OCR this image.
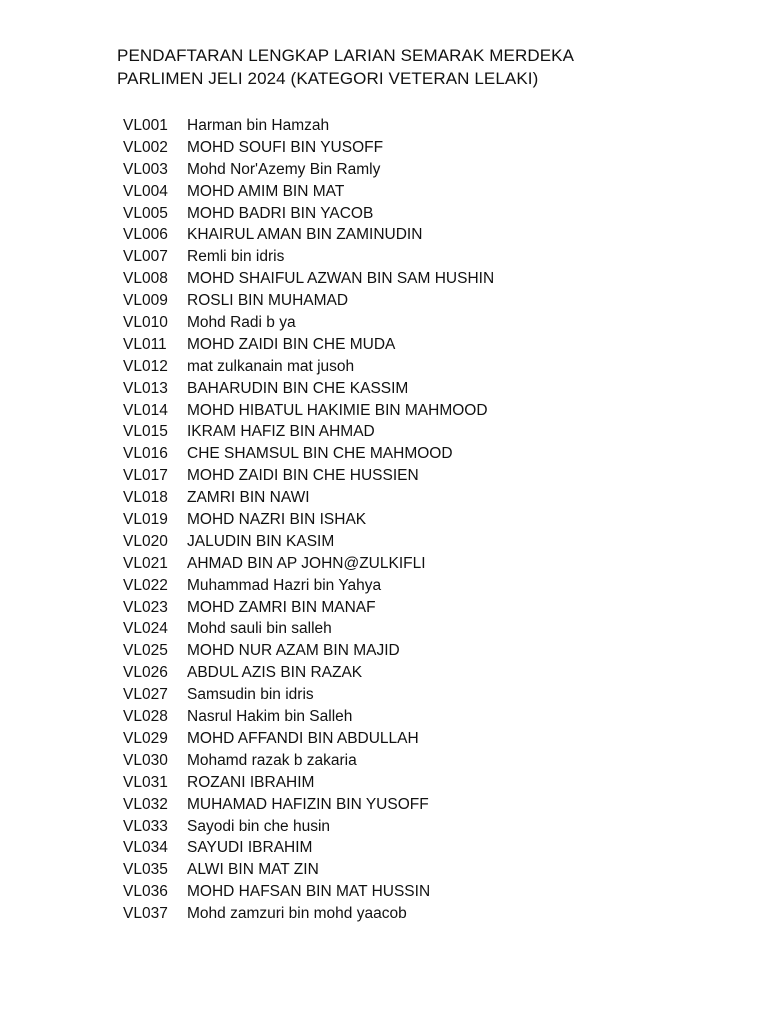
PENDAFTARAN LENGKAP LARIAN SEMARAK MERDEKA
PARLIMEN JELI 2024 (KATEGORI VETERAN LELAKI)
VL001	Harman bin Hamzah
VL002	MOHD SOUFI BIN YUSOFF
VL003	Mohd Nor'Azemy Bin Ramly
VL004	MOHD AMIM BIN MAT
VL005	MOHD BADRI BIN YACOB
VL006	KHAIRUL AMAN BIN ZAMINUDIN
VL007	Remli bin idris
VL008	MOHD SHAIFUL AZWAN BIN SAM HUSHIN
VL009	ROSLI BIN MUHAMAD
VL010	Mohd Radi b ya
VL011	MOHD ZAIDI BIN CHE MUDA
VL012	mat zulkanain mat jusoh
VL013	BAHARUDIN BIN CHE KASSIM
VL014	MOHD HIBATUL HAKIMIE BIN MAHMOOD
VL015	IKRAM HAFIZ BIN AHMAD
VL016	CHE SHAMSUL BIN CHE MAHMOOD
VL017	MOHD ZAIDI BIN CHE HUSSIEN
VL018	ZAMRI BIN NAWI
VL019	MOHD NAZRI BIN ISHAK
VL020	JALUDIN BIN KASIM
VL021	AHMAD BIN AP JOHN@ZULKIFLI
VL022	Muhammad Hazri bin Yahya
VL023	MOHD ZAMRI BIN MANAF
VL024	Mohd sauli bin salleh
VL025	MOHD NUR AZAM BIN MAJID
VL026	ABDUL AZIS BIN RAZAK
VL027	Samsudin bin idris
VL028	Nasrul Hakim bin Salleh
VL029	MOHD AFFANDI BIN ABDULLAH
VL030	Mohamd razak b zakaria
VL031	ROZANI IBRAHIM
VL032	MUHAMAD HAFIZIN BIN YUSOFF
VL033	Sayodi bin che husin
VL034	SAYUDI IBRAHIM
VL035	ALWI BIN MAT ZIN
VL036	MOHD HAFSAN BIN MAT HUSSIN
VL037	Mohd zamzuri bin mohd yaacob
